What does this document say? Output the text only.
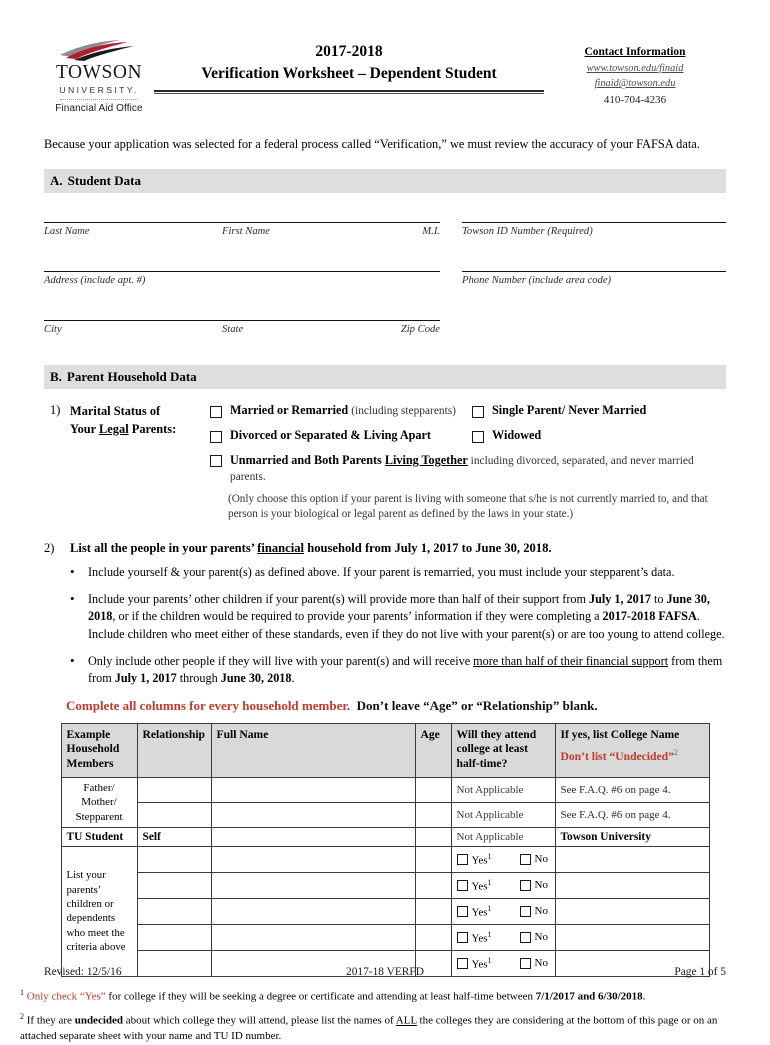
TOWSON
UNIVERSITY.
Financial Aid Office
2017-2018
Verification Worksheet – Dependent Student
Contact Information
www.towson.edu/finaid
finaid@towson.edu
410-704-4236
Because your application was selected for a federal process called “Verification,” we must review the accuracy of your FAFSA data.
A. Student Data
Last Name	First Name	M.I.
Address (include apt. #)
City	State	Zip Code
Towson ID Number (Required)
Phone Number (include area code)
B. Parent Household Data
1) Marital Status of
Your Legal Parents:
Married or Remarried (including stepparents)	Single Parent/ Never Married
Divorced or Separated & Living Apart	Widowed
Unmarried and Both Parents Living Together including divorced, separated, and never married parents.
(Only choose this option if your parent is living with someone that s/he is not currently married to, and that person is your biological or legal parent as defined by the laws in your state.)
2)	List all the people in your parents’ financial household from July 1, 2017 to June 30, 2018.
•	Include yourself & your parent(s) as defined above. If your parent is remarried, you must include your stepparent’s data.
•	Include your parents’ other children if your parent(s) will provide more than half of their support from July 1, 2017 to June 30, 2018, or if the children would be required to provide your parents’ information if they were completing a 2017-2018 FAFSA. Include children who meet either of these standards, even if they do not live with your parent(s) or are too young to attend college.
•	Only include other people if they will live with your parent(s) and will receive more than half of their financial support from them from July 1, 2017 through June 30, 2018.
Complete all columns for every household member. Don’t leave “Age” or “Relationship” blank.
Example Household Members	Relationship	Full Name	Age	Will they attend college at least half-time?	If yes, list College Name
Don’t list “Undecided”$^2$

Father/ Mother/ Stepparent				Not Applicable	See F.A.Q. #6 on page 4.
				Not Applicable	See F.A.Q. #6 on page 4.
TU Student	Self			Not Applicable	Towson University
List your parents’ children or dependents who meet the criteria above				Yes$^1$ No	

				Yes$^1$ No	

				Yes$^1$ No	

				Yes$^1$ No	

				Yes$^1$ No	

$^1$ Only check “Yes” for college if they will be seeking a degree or certificate and attending at least half-time between 7/1/2017 and 6/30/2018.
$^2$ If they are undecided about which college they will attend, please list the names of ALL the colleges they are considering at the bottom of this page or on an attached separate sheet with your name and TU ID number.
Revised: 12/5/16	2017-18 VERFD	Page 1 of 5
